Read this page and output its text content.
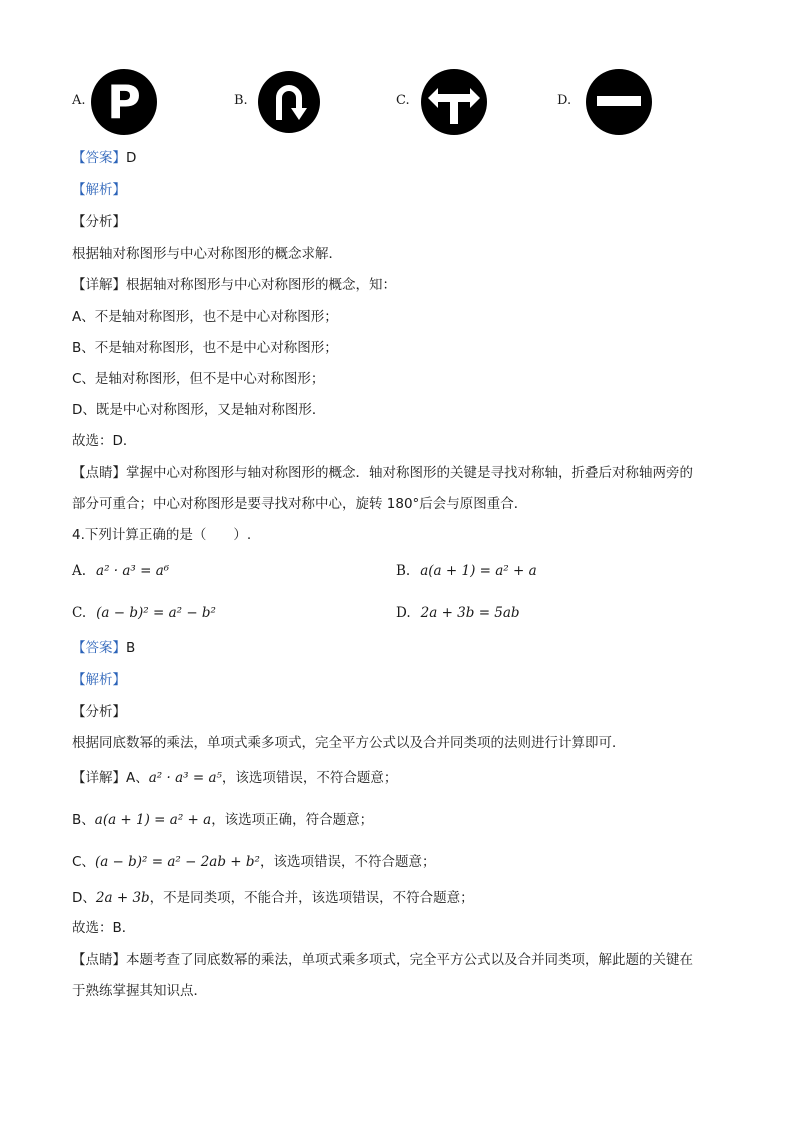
A. P	B.	C.	D.
【答案】D
【解析】
【分析】
根据轴对称图形与中心对称图形的概念求解．
【详解】根据轴对称图形与中心对称图形的概念，知：
A、不是轴对称图形，也不是中心对称图形；
B、不是轴对称图形，也不是中心对称图形；
C、是轴对称图形，但不是中心对称图形；
D、既是中心对称图形，又是轴对称图形．
故选：D．
【点睛】掌握中心对称图形与轴对称图形的概念．轴对称图形的关键是寻找对称轴，折叠后对称轴两旁的
部分可重合；中心对称图形是要寻找对称中心，旋转 180°后会与原图重合．
4.下列计算正确的是（　　）.
A. a² · a³ = a⁶	B. a(a + 1) = a² + a
C. (a − b)² = a² − b²	D. 2a + 3b = 5ab
【答案】B
【解析】
【分析】
根据同底数幂的乘法，单项式乘多项式，完全平方公式以及合并同类项的法则进行计算即可．
【详解】A、a² · a³ = a⁵，该选项错误，不符合题意；
B、a(a + 1) = a² + a，该选项正确，符合题意；
C、(a − b)² = a² − 2ab + b²，该选项错误，不符合题意；
D、2a + 3b，不是同类项，不能合并，该选项错误，不符合题意；
故选：B．
【点睛】本题考查了同底数幂的乘法，单项式乘多项式，完全平方公式以及合并同类项，解此题的关键在
于熟练掌握其知识点．
